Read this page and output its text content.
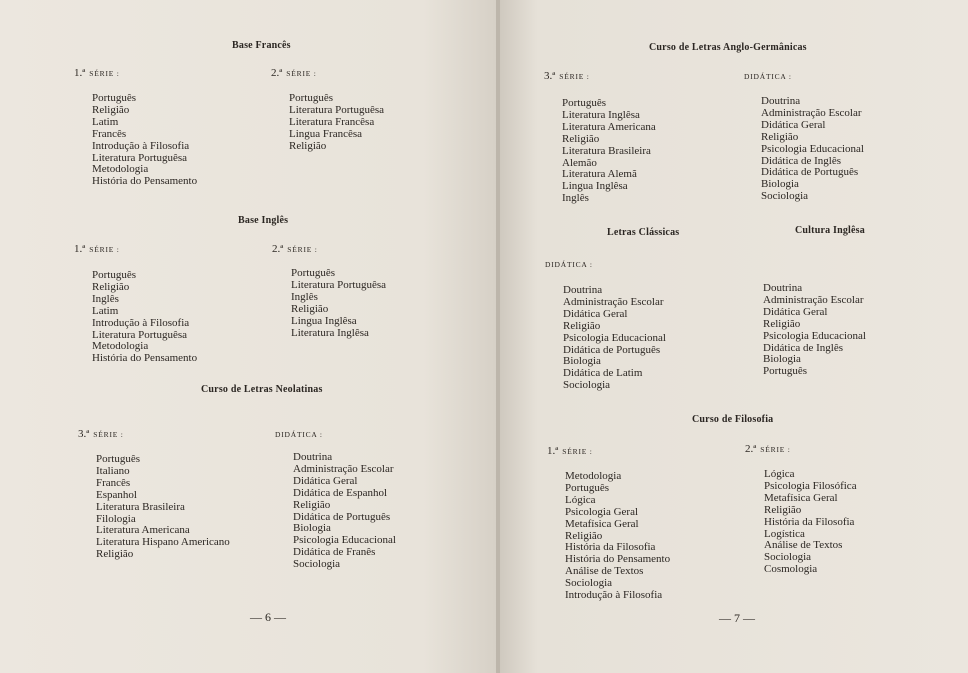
Base Francês
1.ª SÉRIE :
Português
Religião
Latim
Francês
Introdução à Filosofia
Literatura Portuguêsa
Metodologia
História do Pensamento
2.ª SÉRIE :
Português
Literatura Portuguêsa
Literatura Francêsa
Lingua Francêsa
Religião
Base Inglês
1.ª SÉRIE :
Português
Religião
Inglês
Latim
Introdução à Filosofia
Literatura Portuguêsa
Metodologia
História do Pensamento
2.ª SÉRIE :
Português
Literatura Portuguêsa
Inglês
Religião
Lingua Inglêsa
Literatura Inglêsa
Curso de Letras Neolatinas
3.ª SÉRIE :
Português
Italiano
Francês
Espanhol
Literatura Brasileira
Filologia
Literatura Americana
Literatura Hispano Americano
Religião
DIDÁTICA :
Doutrina
Administração Escolar
Didática Geral
Didática de Espanhol
Religião
Didática de Português
Biologia
Psicologia Educacional
Didática de Franês
Sociologia
— 6 —
Curso de Letras Anglo-Germânicas
3.ª SÉRIE :
Português
Literatura Inglêsa
Literatura Americana
Religião
Literatura Brasileira
Alemão
Literatura Alemã
Lingua Inglêsa
Inglês
DIDÁTICA :
Doutrina
Administração Escolar
Didática Geral
Religião
Psicologia Educacional
Didática de Inglês
Didática de Português
Biologia
Sociologia
Letras Clássicas	Cultura Inglêsa
DIDÁTICA :
Doutrina
Administração Escolar
Didática Geral
Religião
Psicologia Educacional
Didática de Português
Biologia
Didática de Latim
Sociologia
Doutrina
Administração Escolar
Didática Geral
Religião
Psicologia Educacional
Didática de Inglês
Biologia
Português
Curso de Filosofia
1.ª SÉRIE :
Metodologia
Português
Lógica
Psicologia Geral
Metafísica Geral
Religião
História da Filosofia
História do Pensamento
Análise de Textos
Sociologia
Introdução à Filosofia
2.ª SÉRIE :
Lógica
Psicologia Filosófica
Metafísica Geral
Religião
História da Filosofia
Logística
Análise de Textos
Sociologia
Cosmologia
— 7 —
